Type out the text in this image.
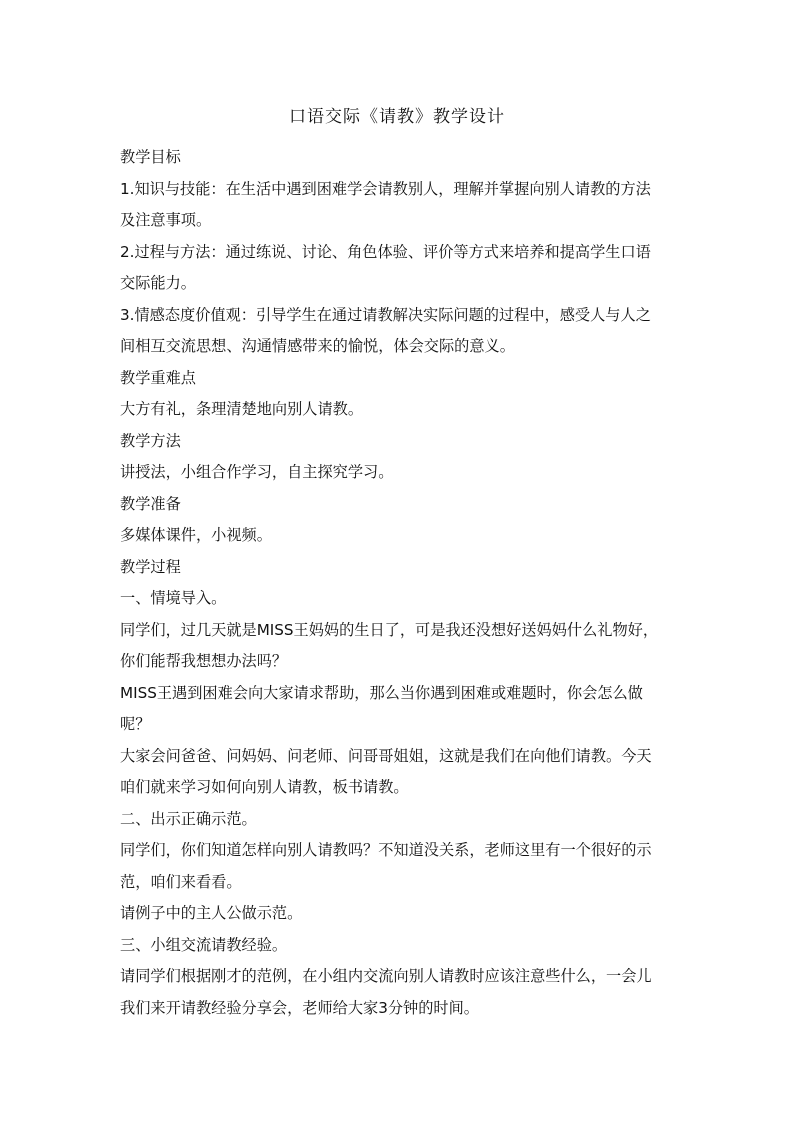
口语交际《请教》教学设计
教学目标
1.知识与技能：在生活中遇到困难学会请教别人，理解并掌握向别人请教的方法
及注意事项。
2.过程与方法：通过练说、讨论、角色体验、评价等方式来培养和提高学生口语
交际能力。
3.情感态度价值观：引导学生在通过请教解决实际问题的过程中，感受人与人之
间相互交流思想、沟通情感带来的愉悦，体会交际的意义。
教学重难点
大方有礼，条理清楚地向别人请教。
教学方法
讲授法，小组合作学习，自主探究学习。
教学准备
多媒体课件，小视频。
教学过程
一、情境导入。
同学们，过几天就是MISS王妈妈的生日了，可是我还没想好送妈妈什么礼物好，
你们能帮我想想办法吗？
MISS王遇到困难会向大家请求帮助，那么当你遇到困难或难题时，你会怎么做
呢？
大家会问爸爸、问妈妈、问老师、问哥哥姐姐，这就是我们在向他们请教。今天
咱们就来学习如何向别人请教，板书请教。
二、出示正确示范。
同学们，你们知道怎样向别人请教吗？不知道没关系，老师这里有一个很好的示
范，咱们来看看。
请例子中的主人公做示范。
三、小组交流请教经验。
请同学们根据刚才的范例，在小组内交流向别人请教时应该注意些什么，一会儿
我们来开请教经验分享会，老师给大家3分钟的时间。
